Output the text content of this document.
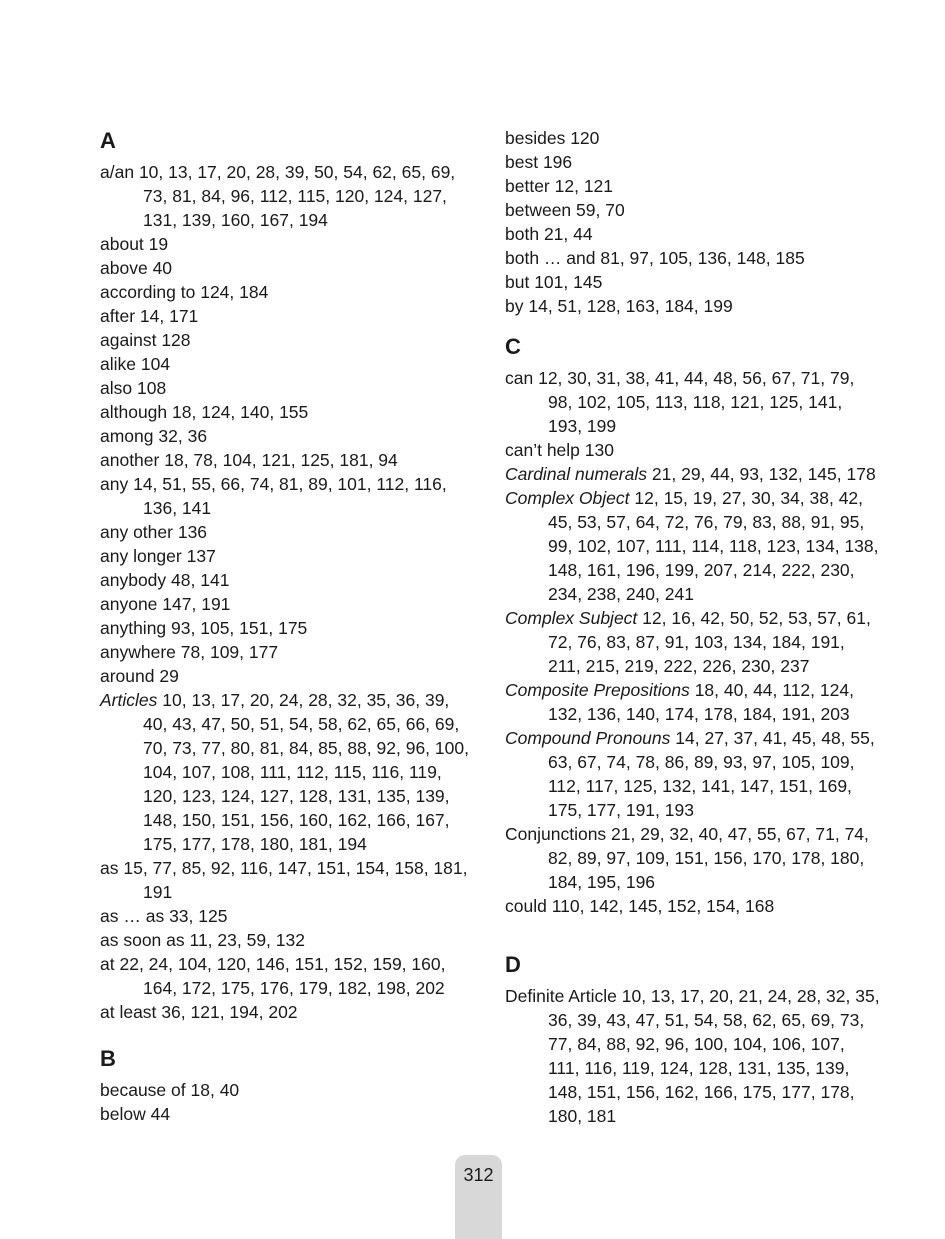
A

a/an 10, 13, 17, 20, 28, 39, 50, 54, 62, 65, 69, 73, 81, 84, 96, 112, 115, 120, 124, 127, 131, 139, 160, 167, 194

about 19

above 40

according to 124, 184

after 14, 171

against 128

alike 104

also 108

although 18, 124, 140, 155

among 32, 36

another 18, 78, 104, 121, 125, 181, 94

any 14, 51, 55, 66, 74, 81, 89, 101, 112, 116, 136, 141

any other 136

any longer 137

anybody 48, 141

anyone 147, 191

anything 93, 105, 151, 175

anywhere 78, 109, 177

around 29

Articles 10, 13, 17, 20, 24, 28, 32, 35, 36, 39, 40, 43, 47, 50, 51, 54, 58, 62, 65, 66, 69, 70, 73, 77, 80, 81, 84, 85, 88, 92, 96, 100, 104, 107, 108, 111, 112, 115, 116, 119, 120, 123, 124, 127, 128, 131, 135, 139, 148, 150, 151, 156, 160, 162, 166, 167, 175, 177, 178, 180, 181, 194

as 15, 77, 85, 92, 116, 147, 151, 154, 158, 181, 191

as … as 33, 125

as soon as 11, 23, 59, 132

at 22, 24, 104, 120, 146, 151, 152, 159, 160, 164, 172, 175, 176, 179, 182, 198, 202

at least 36, 121, 194, 202

B

because of 18, 40

below 44

besides 120

best 196

better 12, 121

between 59, 70

both 21, 44

both … and 81, 97, 105, 136, 148, 185

but 101, 145

by 14, 51, 128, 163, 184, 199

C

can 12, 30, 31, 38, 41, 44, 48, 56, 67, 71, 79, 98, 102, 105, 113, 118, 121, 125, 141, 193, 199

can’t help 130

Cardinal numerals 21, 29, 44, 93, 132, 145, 178

Complex Object 12, 15, 19, 27, 30, 34, 38, 42, 45, 53, 57, 64, 72, 76, 79, 83, 88, 91, 95, 99, 102, 107, 111, 114, 118, 123, 134, 138, 148, 161, 196, 199, 207, 214, 222, 230, 234, 238, 240, 241

Complex Subject 12, 16, 42, 50, 52, 53, 57, 61, 72, 76, 83, 87, 91, 103, 134, 184, 191, 211, 215, 219, 222, 226, 230, 237

Composite Prepositions 18, 40, 44, 112, 124, 132, 136, 140, 174, 178, 184, 191, 203

Compound Pronouns 14, 27, 37, 41, 45, 48, 55, 63, 67, 74, 78, 86, 89, 93, 97, 105, 109, 112, 117, 125, 132, 141, 147, 151, 169, 175, 177, 191, 193

Conjunctions 21, 29, 32, 40, 47, 55, 67, 71, 74, 82, 89, 97, 109, 151, 156, 170, 178, 180, 184, 195, 196

could 110, 142, 145, 152, 154, 168

D

Definite Article 10, 13, 17, 20, 21, 24, 28, 32, 35, 36, 39, 43, 47, 51, 54, 58, 62, 65, 69, 73, 77, 84, 88, 92, 96, 100, 104, 106, 107, 111, 116, 119, 124, 128, 131, 135, 139, 148, 151, 156, 162, 166, 175, 177, 178, 180, 181

312
